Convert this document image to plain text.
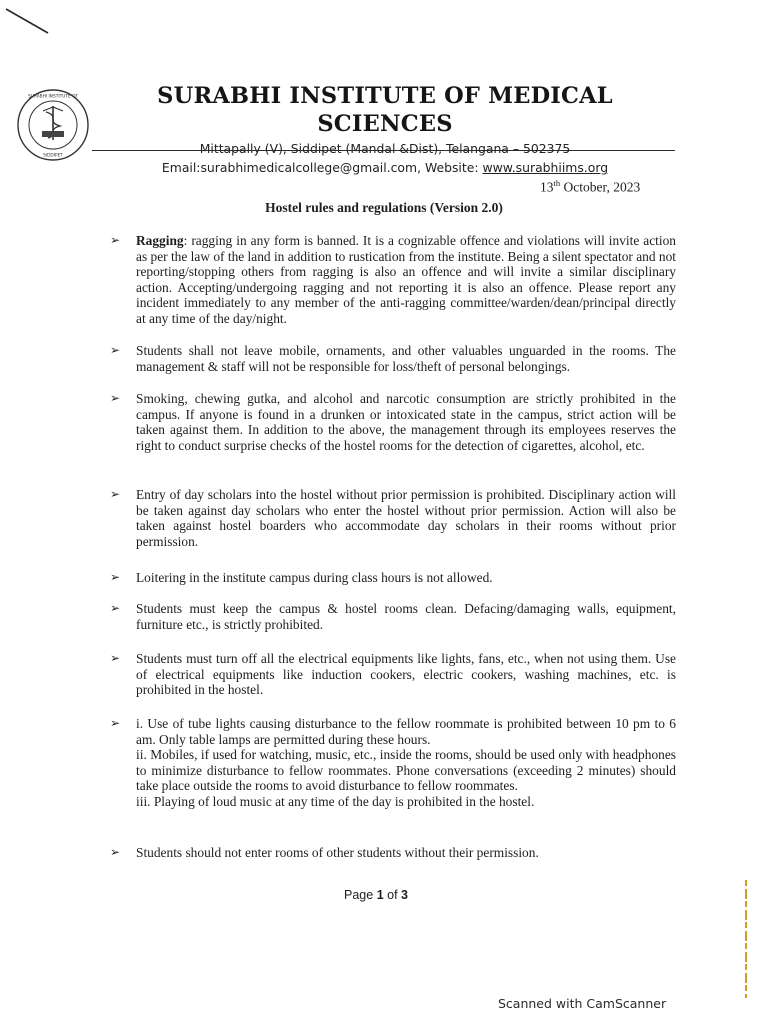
SURABHI INSTITUTE OF
SIDDIPET
SURABHI INSTITUTE OF MEDICAL SCIENCES
Mittapally (V), Siddipet (Mandal &Dist), Telangana – 502375
Email:surabhimedicalcollege@gmail.com, Website: www.surabhiims.org
13th October, 2023
Hostel rules and regulations (Version 2.0)
➢	Ragging: ragging in any form is banned. It is a cognizable offence and violations will invite action as per the law of the land in addition to rustication from the institute. Being a silent spectator and not reporting/stopping others from ragging is also an offence and will invite a similar disciplinary action. Accepting/undergoing ragging and not reporting it is also an offence. Please report any incident immediately to any member of the anti-ragging committee/warden/dean/principal directly at any time of the day/night.
➢	Students shall not leave mobile, ornaments, and other valuables unguarded in the rooms. The management & staff will not be responsible for loss/theft of personal belongings.
➢	Smoking, chewing gutka, and alcohol and narcotic consumption are strictly prohibited in the campus. If anyone is found in a drunken or intoxicated state in the campus, strict action will be taken against them. In addition to the above, the management through its employees reserves the right to conduct surprise checks of the hostel rooms for the detection of cigarettes, alcohol, etc.
➢	Entry of day scholars into the hostel without prior permission is prohibited. Disciplinary action will be taken against day scholars who enter the hostel without prior permission. Action will also be taken against hostel boarders who accommodate day scholars in their rooms without prior permission.
➢	Loitering in the institute campus during class hours is not allowed.
➢	Students must keep the campus & hostel rooms clean. Defacing/damaging walls, equipment, furniture etc., is strictly prohibited.
➢	Students must turn off all the electrical equipments like lights, fans, etc., when not using them. Use of electrical equipments like induction cookers, electric cookers, washing machines, etc. is prohibited in the hostel.
➢	i. Use of tube lights causing disturbance to the fellow roommate is prohibited between 10 pm to 6 am. Only table lamps are permitted during these hours.
ii. Mobiles, if used for watching, music, etc., inside the rooms, should be used only with headphones to minimize disturbance to fellow roommates. Phone conversations (exceeding 2 minutes) should take place outside the rooms to avoid disturbance to fellow roommates.
iii. Playing of loud music at any time of the day is prohibited in the hostel.
➢	Students should not enter rooms of other students without their permission.
Page 1 of 3
Scanned with CamScanner
